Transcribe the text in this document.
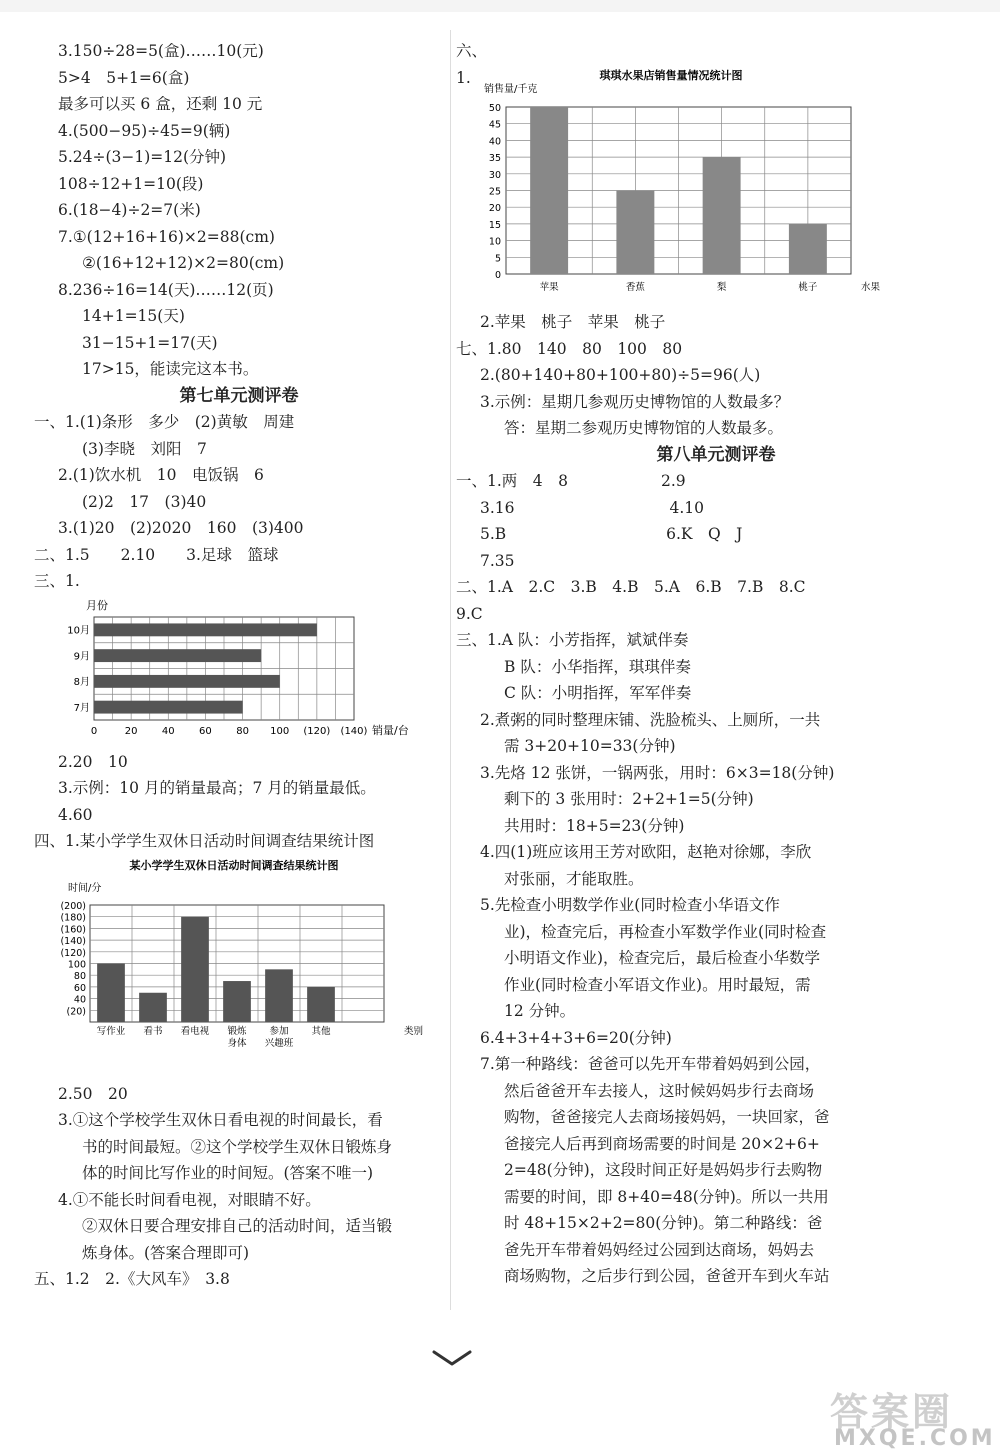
3.150÷28=5(盒)……10(元)
5>4　5+1=6(盒)
最多可以买 6 盒，还剩 10 元
4.(500−95)÷45=9(辆)
5.24÷(3−1)=12(分钟)
108÷12+1=10(段)
6.(18−4)÷2=7(米)
7.①(12+16+16)×2=88(cm)
②(16+12+12)×2=80(cm)
8.236÷16=14(天)……12(页)
14+1=15(天)
31−15+1=17(天)
17>15，能读完这本书。
第七单元测评卷
一、1.(1)条形　多少　(2)黄敏　周建
(3)李晓　刘阳　7
2.(1)饮水机　10　电饭锅　6
(2)2　17　(3)40
3.(1)20　(2)2020　160　(3)400
二、1.5　　2.10　　3.足球　篮球
三、1.
月份
10月
9月
8月
7月
0	20 40 60 80 100 (120) (140) 销量/台
2.20　10
3.示例：10 月的销量最高；7 月的销量最低。
4.60
四、1.某小学学生双休日活动时间调查结果统计图
某小学学生双休日活动时间调查结果统计图
时间/分
写作业 看书 看电视 锻炼
身体
参加
兴趣班
其他
(20)
40
60
80
100
(120)
(140)
(160)
(180)
(200)
类别
2.50　20
3.①这个学校学生双休日看电视的时间最长，看
书的时间最短。②这个学校学生双休日锻炼身
体的时间比写作业的时间短。(答案不唯一)
4.①不能长时间看电视，对眼睛不好。
②双休日要合理安排自己的活动时间，适当锻
炼身体。(答案合理即可)
五、1.2　2.《大风车》　3.8
六、
1.	琪琪水果店销售量情况统计图
销售量/千克
苹果	香蕉	梨	桃子
0
5
10
15
20
25
30
35
40
45
50
水果
2.苹果　桃子　苹果　桃子
七、1.80　140　80　100　80
2.(80+140+80+100+80)÷5=96(人)
3.示例：星期几参观历史博物馆的人数最多？
答：星期二参观历史博物馆的人数最多。
第八单元测评卷
一、1.两　4　8　　　　　　2.9
3.16　　　　　　　　　　4.10
5.B　　　　　　　　　　 6.K　Q　J
7.35
二、1.A　2.C　3.B　4.B　5.A　6.B　7.B　8.C
9.C
三、1.A 队：小芳指挥，斌斌伴奏
B 队：小华指挥，琪琪伴奏
C 队：小明指挥，军军伴奏
2.煮粥的同时整理床铺、洗脸梳头、上厕所，一共
需 3+20+10=33(分钟)
3.先烙 12 张饼，一锅两张，用时：6×3=18(分钟)
剩下的 3 张用时：2+2+1=5(分钟)
共用时：18+5=23(分钟)
4.四(1)班应该用王芳对欧阳，赵艳对徐娜，李欣
对张丽，才能取胜。
5.先检查小明数学作业(同时检查小华语文作
业)，检查完后，再检查小军数学作业(同时检查
小明语文作业)，检查完后，最后检查小华数学
作业(同时检查小军语文作业)。用时最短，需
12 分钟。
6.4+3+4+3+6=20(分钟)
7.第一种路线：爸爸可以先开车带着妈妈到公园，
然后爸爸开车去接人，这时候妈妈步行去商场
购物，爸爸接完人去商场接妈妈，一块回家，爸
爸接完人后再到商场需要的时间是 20×2+6+
2=48(分钟)，这段时间正好是妈妈步行去购物
需要的时间，即 8+40=48(分钟)。所以一共用
时 48+15×2+2=80(分钟)。第二种路线：爸
爸先开车带着妈妈经过公园到达商场，妈妈去
商场购物，之后步行到公园，爸爸开车到火车站
答案圈
MXQE.COM
